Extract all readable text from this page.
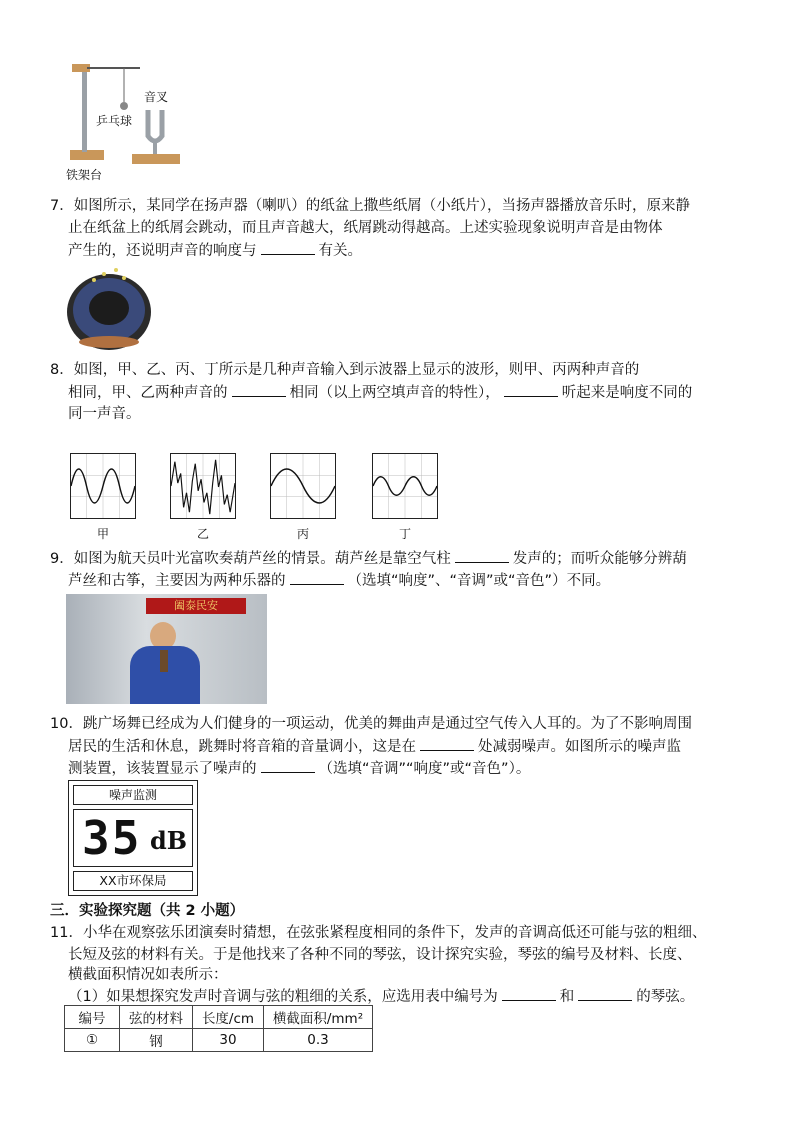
音叉
乒乓球
铁架台
7．如图所示，某同学在扬声器（喇叭）的纸盆上撒些纸屑（小纸片），当扬声器播放音乐时，原来静
止在纸盆上的纸屑会跳动，而且声音越大，纸屑跳动得越高。上述实验现象说明声音是由物体
产生的，还说明声音的响度与	有关。
8．如图，甲、乙、丙、丁所示是几种声音输入到示波器上显示的波形，则甲、丙两种声音的
相同，甲、乙两种声音的	相同（以上两空填声音的特性），	听起来是响度不同的
同一声音。
甲	乙	丙	丁
9．如图为航天员叶光富吹奏葫芦丝的情景。葫芦丝是靠空气柱	发声的；而听众能够分辨葫
芦丝和古筝，主要因为两种乐器的	（选填“响度”、“音调”或“音色”）不同。
阖泰民安
10．跳广场舞已经成为人们健身的一项运动，优美的舞曲声是通过空气传入人耳的。为了不影响周围
居民的生活和休息，跳舞时将音箱的音量调小，这是在	处减弱噪声。如图所示的噪声监
测装置，该装置显示了噪声的	（选填“音调”“响度”或“音色”）。
噪声监测
35 dB
XX市环保局
三．实验探究题（共 2 小题）
11．小华在观察弦乐团演奏时猜想，在弦张紧程度相同的条件下，发声的音调高低还可能与弦的粗细、
长短及弦的材料有关。于是他找来了各种不同的琴弦，设计探究实验，琴弦的编号及材料、长度、
横截面积情况如表所示：
（1）如果想探究发声时音调与弦的粗细的关系，应选用表中编号为	和	的琴弦。
编号	弦的材料	长度/cm	横截面积/mm²
①	钢	30	0.3
